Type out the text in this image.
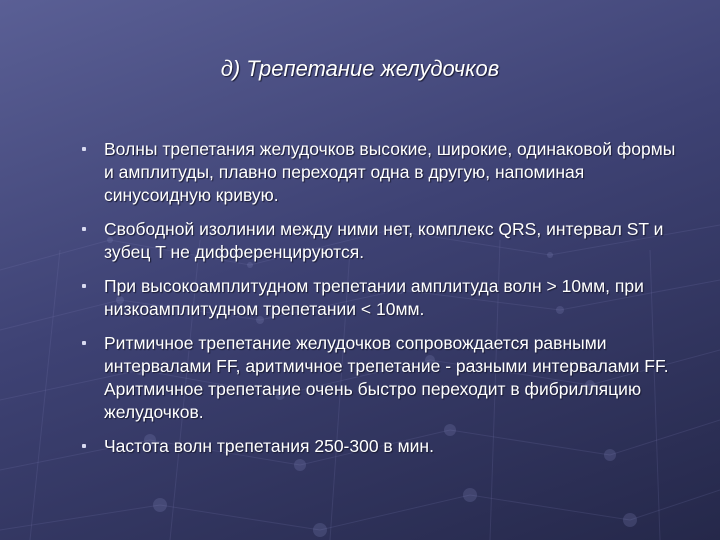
д) Трепетание желудочков
Волны трепетания желудочков высокие, широкие, одинаковой формы и амплитуды, плавно переходят одна в другую, напоминая синусоидную кривую.
Свободной изолинии между ними нет, комплекс QRS, интервал ST и зубец T не дифференцируются.
При высокоамплитудном трепетании амплитуда волн > 10мм, при низкоамплитудном трепетании < 10мм.
Ритмичное трепетание желудочков сопровождается равными интервалами FF, аритмичное трепетание - разными интервалами FF. Аритмичное трепетание очень быстро переходит в фибрилляцию желудочков.
Частота волн трепетания 250-300 в мин.
